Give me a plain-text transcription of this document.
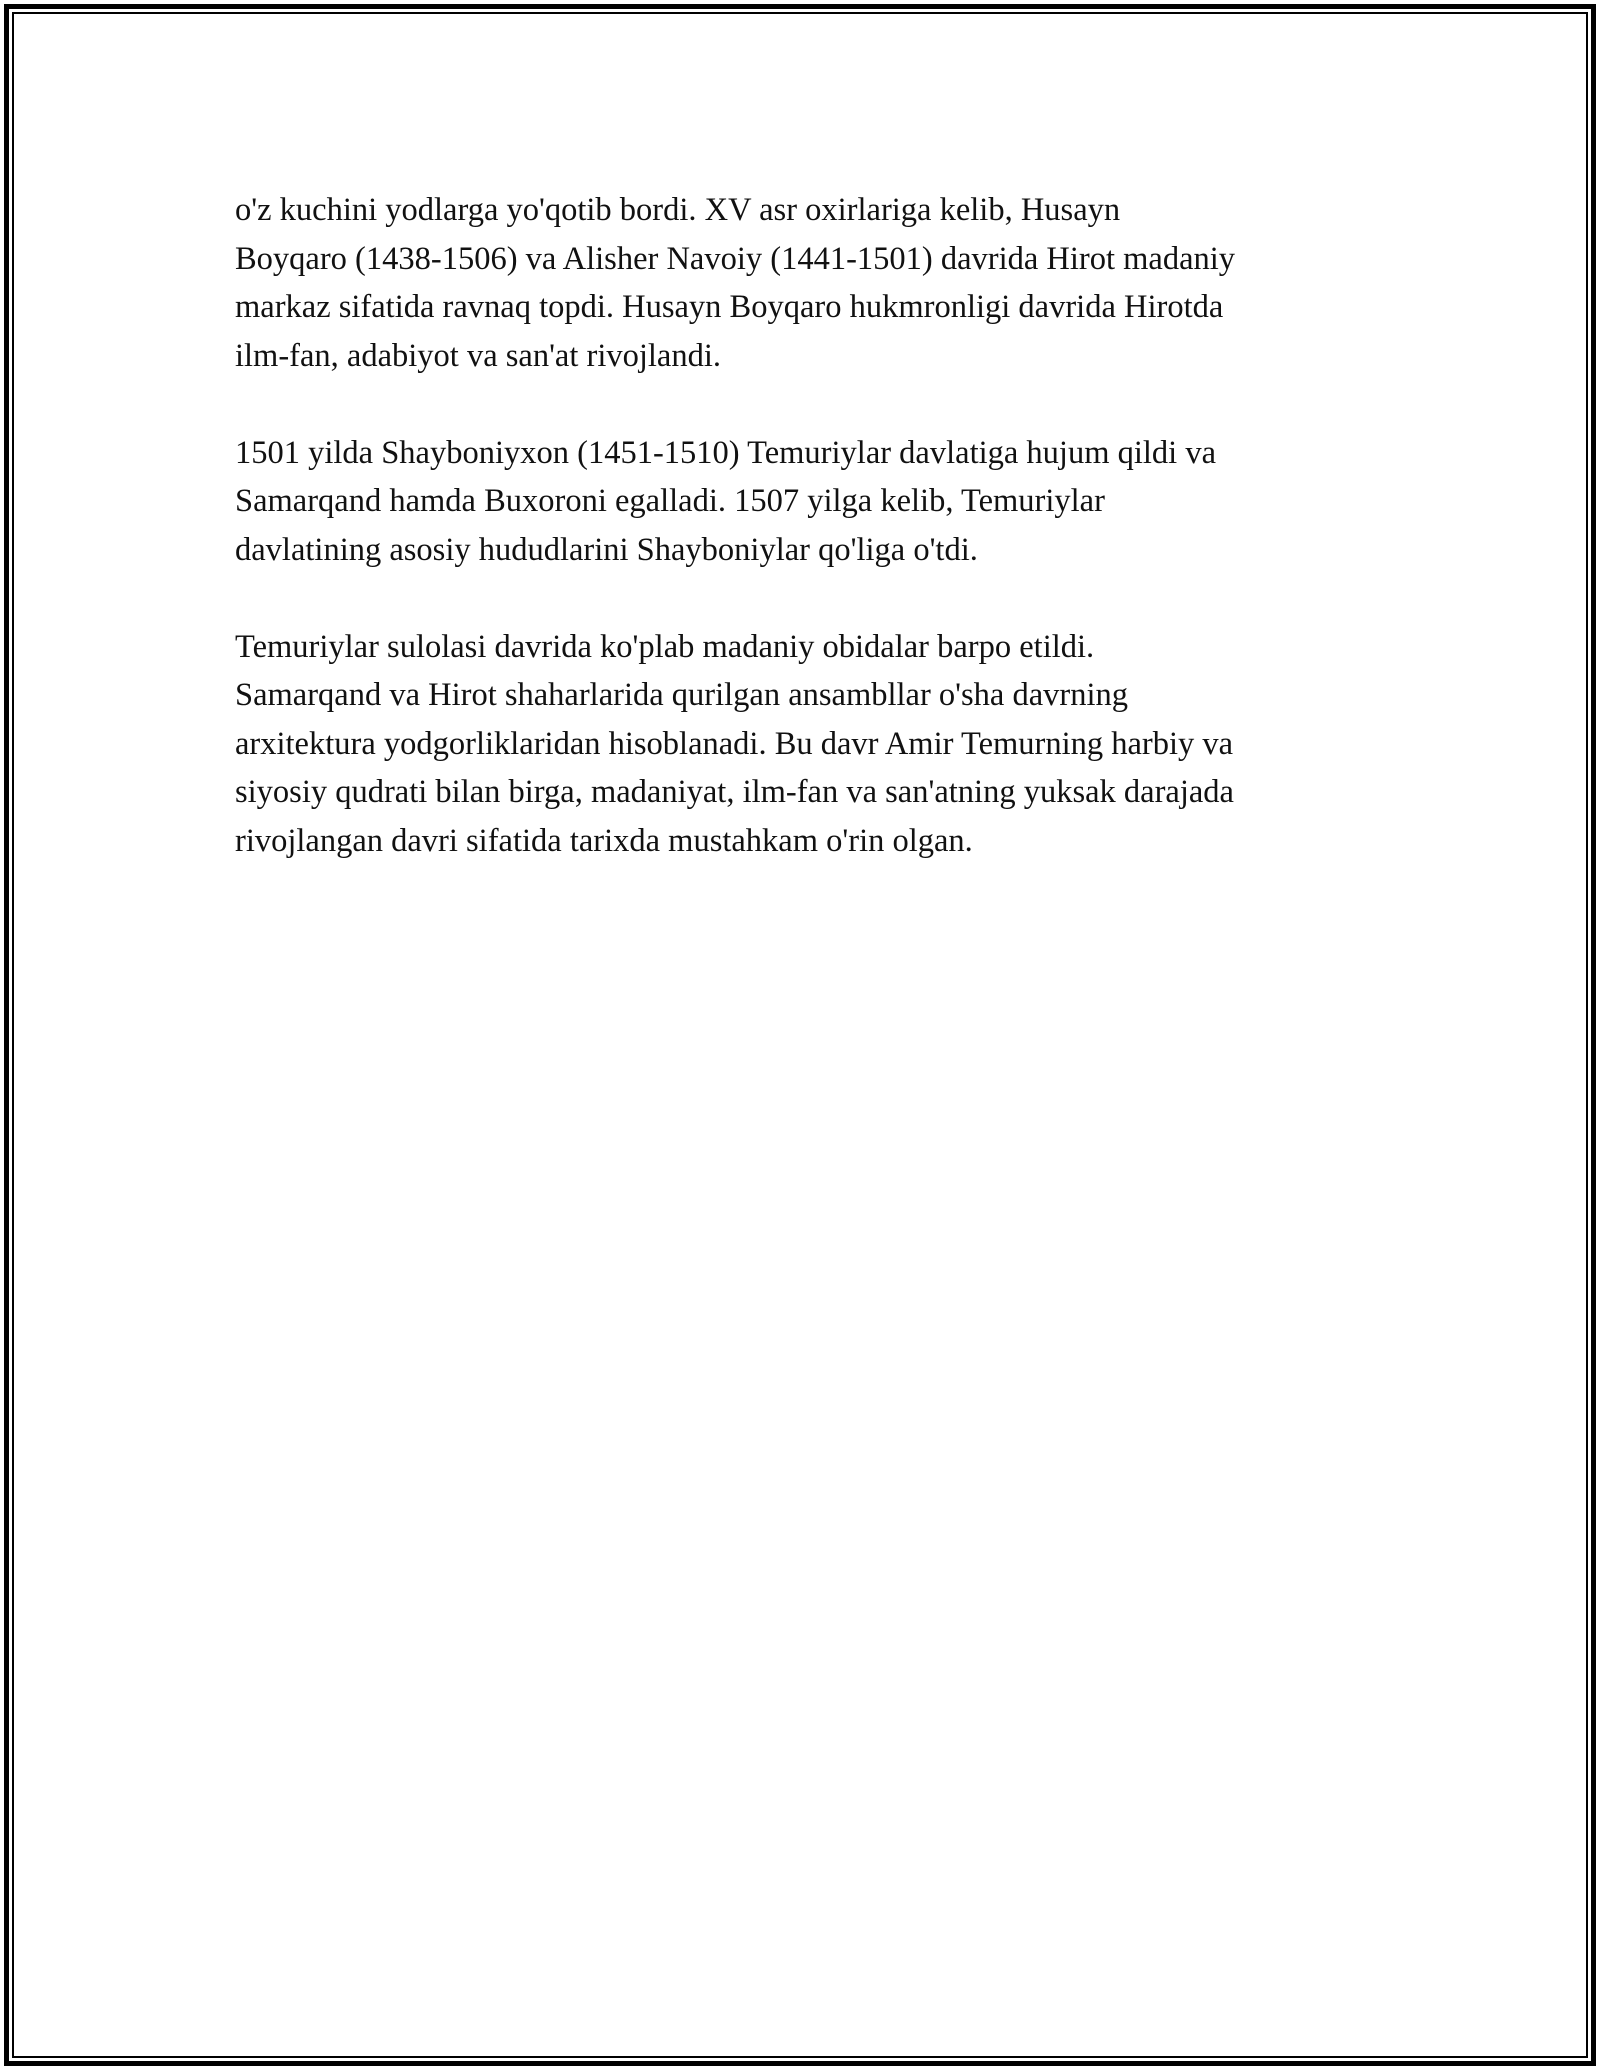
o'z kuchini yodlarga yo'qotib bordi. XV asr oxirlariga kelib, Husayn
Boyqaro (1438-1506) va Alisher Navoiy (1441-1501) davrida Hirot madaniy
markaz sifatida ravnaq topdi. Husayn Boyqaro hukmronligi davrida Hirotda
ilm-fan, adabiyot va san'at rivojlandi.

1501 yilda Shayboniyxon (1451-1510) Temuriylar davlatiga hujum qildi va
Samarqand hamda Buxoroni egalladi. 1507 yilga kelib, Temuriylar
davlatining asosiy hududlarini Shayboniylar qo'liga o'tdi.

Temuriylar sulolasi davrida ko'plab madaniy obidalar barpo etildi.
Samarqand va Hirot shaharlarida qurilgan ansambllar o'sha davrning
arxitektura yodgorliklaridan hisoblanadi. Bu davr Amir Temurning harbiy va
siyosiy qudrati bilan birga, madaniyat, ilm-fan va san'atning yuksak darajada
rivojlangan davri sifatida tarixda mustahkam o'rin olgan.
